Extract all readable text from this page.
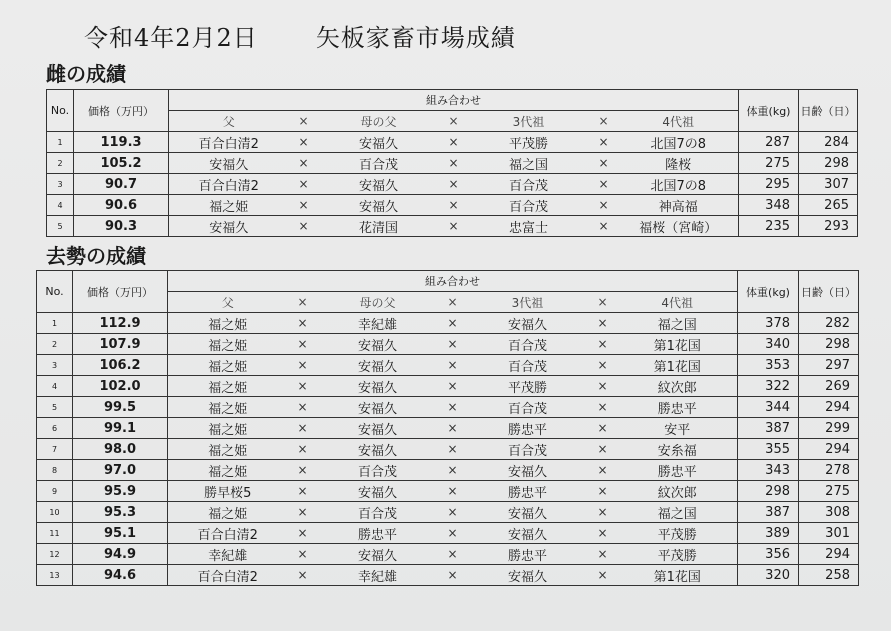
令和4年2月2日 矢板家畜市場成績
雌の成績
No.	価格（万円）	組み合わせ							体重(kg)	日齢（日）
		父	×	母の父	×	3代祖	×	4代祖		
1	119.3	百合白清2	×	安福久	×	平茂勝	×	北国7の8	287	284
2	105.2	安福久	×	百合茂	×	福之国	×	隆桜	275	298
3	90.7	百合白清2	×	安福久	×	百合茂	×	北国7の8	295	307
4	90.6	福之姫	×	安福久	×	百合茂	×	神高福	348	265
5	90.3	安福久	×	花清国	×	忠富士	×	福桜（宮崎）	235	293
去勢の成績
No.	価格（万円）	組み合わせ							体重(kg)	日齢（日）
		父	×	母の父	×	3代祖	×	4代祖		
1	112.9	福之姫	×	幸紀雄	×	安福久	×	福之国	378	282
2	107.9	福之姫	×	安福久	×	百合茂	×	第1花国	340	298
3	106.2	福之姫	×	安福久	×	百合茂	×	第1花国	353	297
4	102.0	福之姫	×	安福久	×	平茂勝	×	紋次郎	322	269
5	99.5	福之姫	×	安福久	×	百合茂	×	勝忠平	344	294
6	99.1	福之姫	×	安福久	×	勝忠平	×	安平	387	299
7	98.0	福之姫	×	安福久	×	百合茂	×	安糸福	355	294
8	97.0	福之姫	×	百合茂	×	安福久	×	勝忠平	343	278
9	95.9	勝早桜5	×	安福久	×	勝忠平	×	紋次郎	298	275
10	95.3	福之姫	×	百合茂	×	安福久	×	福之国	387	308
11	95.1	百合白清2	×	勝忠平	×	安福久	×	平茂勝	389	301
12	94.9	幸紀雄	×	安福久	×	勝忠平	×	平茂勝	356	294
13	94.6	百合白清2	×	幸紀雄	×	安福久	×	第1花国	320	258
